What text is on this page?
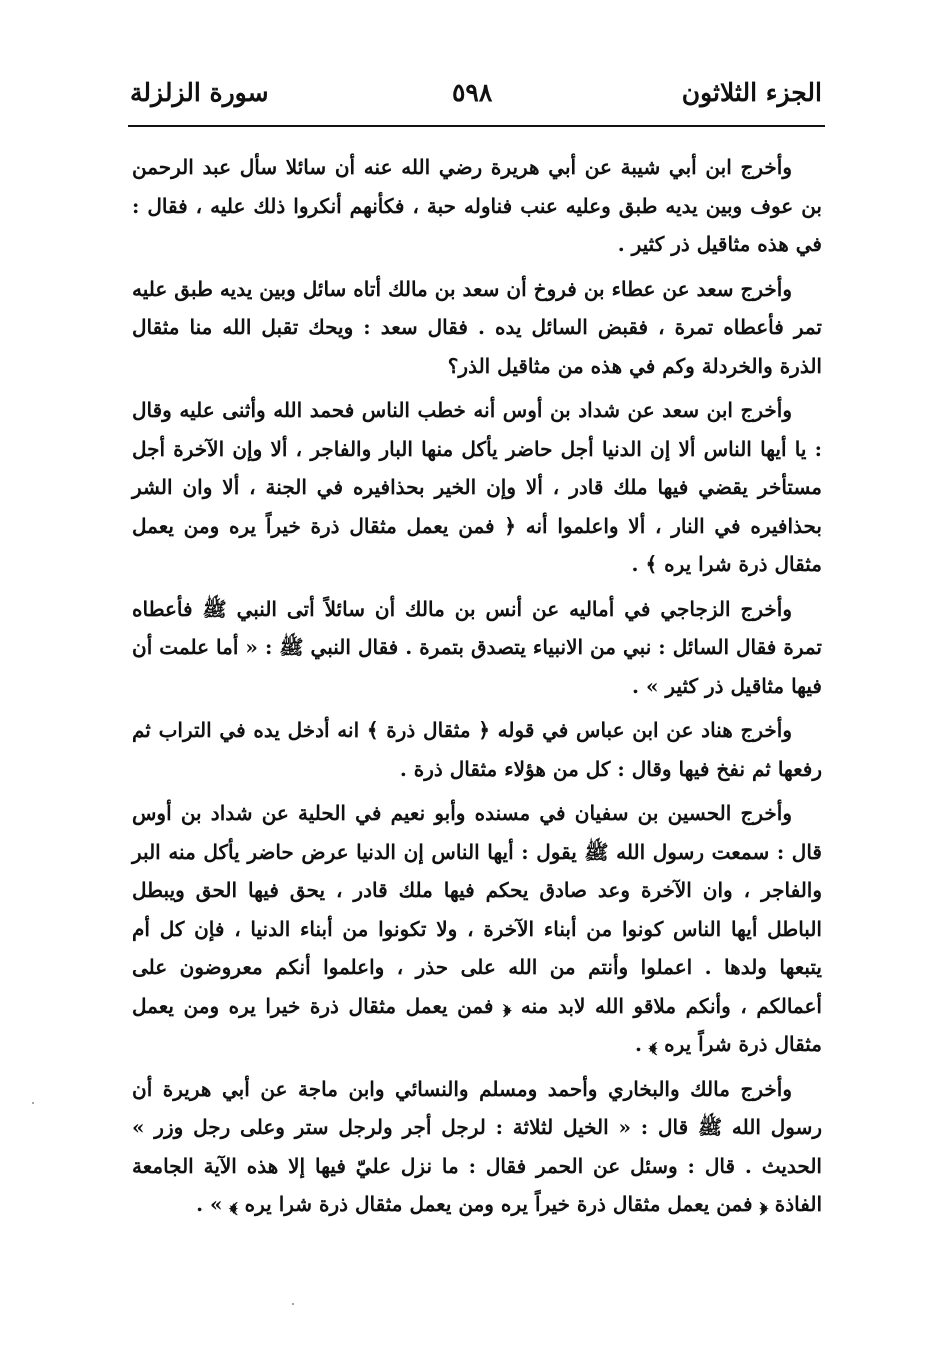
الجزء الثلاثون
٥٩٨
سورة الزلزلة

وأخرج ابن أبي شيبة عن أبي هريرة رضي الله عنه أن سائلا سأل عبد الرحمن بن عوف وبين يديه طبق وعليه عنب فناوله حبة ، فكأنهم أنكروا ذلك عليه ، فقال : في هذه مثاقيل ذر كثير .

وأخرج سعد عن عطاء بن فروخ أن سعد بن مالك أتاه سائل وبين يديه طبق عليه تمر فأعطاه تمرة ، فقبض السائل يده . فقال سعد : ويحك تقبل الله منا مثقال الذرة والخردلة وكم في هذه من مثاقيل الذر؟

وأخرج ابن سعد عن شداد بن أوس أنه خطب الناس فحمد الله وأثنى عليه وقال : يا أيها الناس ألا إن الدنيا أجل حاضر يأكل منها البار والفاجر ، ألا وإن الآخرة أجل مستأخر يقضي فيها ملك قادر ، ألا وإن الخير بحذافيره في الجنة ، ألا وان الشر بحذافيره في النار ، ألا واعلموا أنه ﴿ فمن يعمل مثقال ذرة خيراً يره ومن يعمل مثقال ذرة شرا يره ﴾ .

وأخرج الزجاجي في أماليه عن أنس بن مالك أن سائلاً أتى النبي ﷺ فأعطاه تمرة فقال السائل : نبي من الانبياء يتصدق بتمرة . فقال النبي ﷺ : « أما علمت أن فيها مثاقيل ذر كثير » .

وأخرج هناد عن ابن عباس في قوله ﴿ مثقال ذرة ﴾ انه أدخل يده في التراب ثم رفعها ثم نفخ فيها وقال : كل من هؤلاء مثقال ذرة .

وأخرج الحسين بن سفيان في مسنده وأبو نعيم في الحلية عن شداد بن أوس قال : سمعت رسول الله ﷺ يقول : أيها الناس إن الدنيا عرض حاضر يأكل منه البر والفاجر ، وان الآخرة وعد صادق يحكم فيها ملك قادر ، يحق فيها الحق ويبطل الباطل أيها الناس كونوا من أبناء الآخرة ، ولا تكونوا من أبناء الدنيا ، فإن كل أم يتبعها ولدها . اعملوا وأنتم من الله على حذر ، واعلموا أنكم معروضون على أعمالكم ، وأنكم ملاقو الله لابد منه ﴿ فمن يعمل مثقال ذرة خيرا يره ومن يعمل مثقال ذرة شراً يره ﴾ .

وأخرج مالك والبخاري وأحمد ومسلم والنسائي وابن ماجة عن أبي هريرة أن رسول الله ﷺ قال : « الخيل لثلاثة : لرجل أجر ولرجل ستر وعلى رجل وزر » الحديث . قال : وسئل عن الحمر فقال : ما نزل عليّ فيها إلا هذه الآية الجامعة الفاذة ﴿ فمن يعمل مثقال ذرة خيراً يره ومن يعمل مثقال ذرة شرا يره ﴾ » .
